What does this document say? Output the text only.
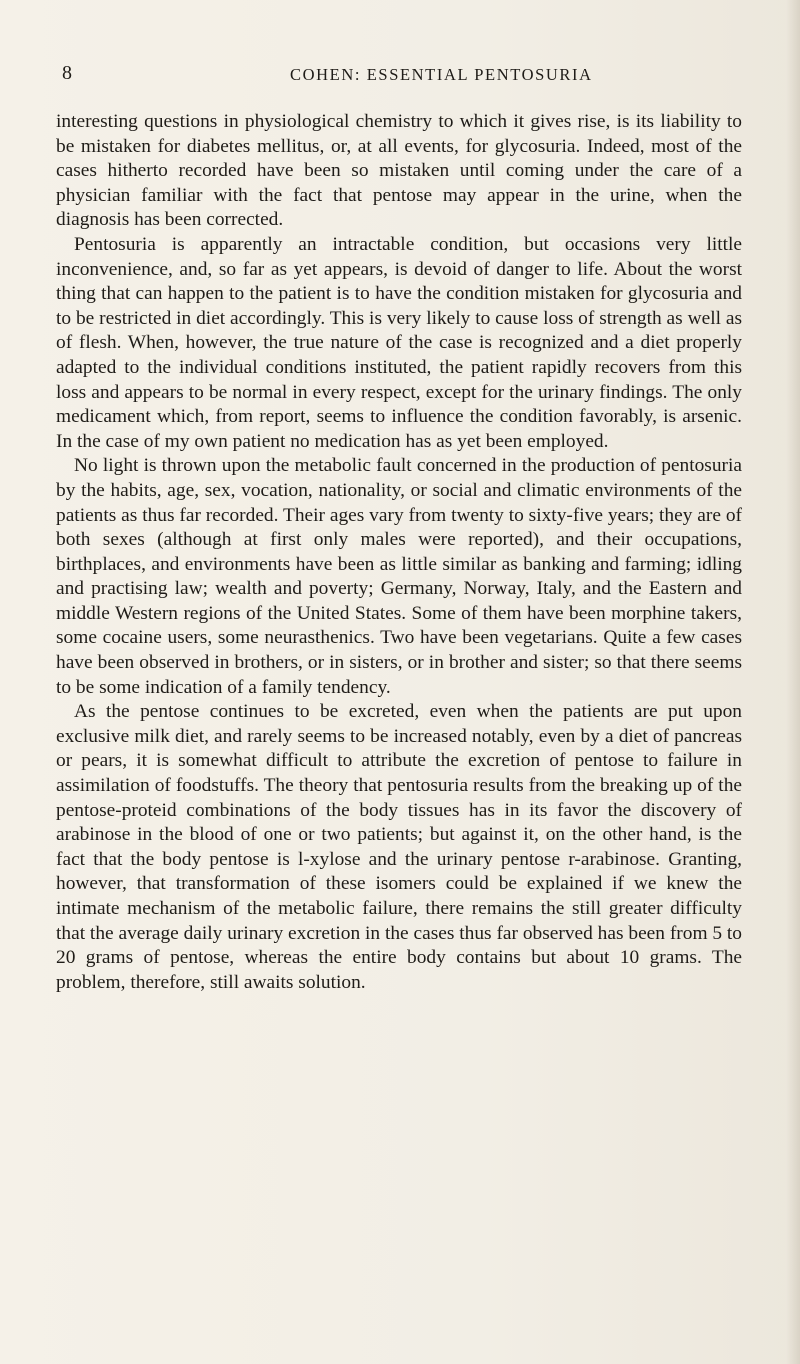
8	COHEN: ESSENTIAL PENTOSURIA

interesting questions in physiological chemistry to which it gives rise, is its liability to be mistaken for diabetes mellitus, or, at all events, for glycosuria. Indeed, most of the cases hitherto recorded have been so mistaken until coming under the care of a physician familiar with the fact that pentose may appear in the urine, when the diagnosis has been corrected.

Pentosuria is apparently an intractable condition, but occasions very little inconvenience, and, so far as yet appears, is devoid of danger to life. About the worst thing that can happen to the patient is to have the condition mistaken for glycosuria and to be restricted in diet accordingly. This is very likely to cause loss of strength as well as of flesh. When, however, the true nature of the case is recognized and a diet properly adapted to the individual conditions instituted, the patient rapidly recovers from this loss and appears to be normal in every respect, except for the urinary findings. The only medicament which, from report, seems to influence the condition favorably, is arsenic. In the case of my own patient no medication has as yet been employed.

No light is thrown upon the metabolic fault concerned in the production of pentosuria by the habits, age, sex, vocation, nationality, or social and climatic environments of the patients as thus far recorded. Their ages vary from twenty to sixty-five years; they are of both sexes (although at first only males were reported), and their occupations, birthplaces, and environments have been as little similar as banking and farming; idling and practising law; wealth and poverty; Germany, Norway, Italy, and the Eastern and middle Western regions of the United States. Some of them have been morphine takers, some cocaine users, some neurasthenics. Two have been vegetarians. Quite a few cases have been observed in brothers, or in sisters, or in brother and sister; so that there seems to be some indication of a family tendency.

As the pentose continues to be excreted, even when the patients are put upon exclusive milk diet, and rarely seems to be increased notably, even by a diet of pancreas or pears, it is somewhat difficult to attribute the excretion of pentose to failure in assimilation of foodstuffs. The theory that pentosuria results from the breaking up of the pentose-proteid combinations of the body tissues has in its favor the discovery of arabinose in the blood of one or two patients; but against it, on the other hand, is the fact that the body pentose is l-xylose and the urinary pentose r-arabinose. Granting, however, that transformation of these isomers could be explained if we knew the intimate mechanism of the metabolic failure, there remains the still greater difficulty that the average daily urinary excretion in the cases thus far observed has been from 5 to 20 grams of pentose, whereas the entire body contains but about 10 grams. The problem, therefore, still awaits solution.
